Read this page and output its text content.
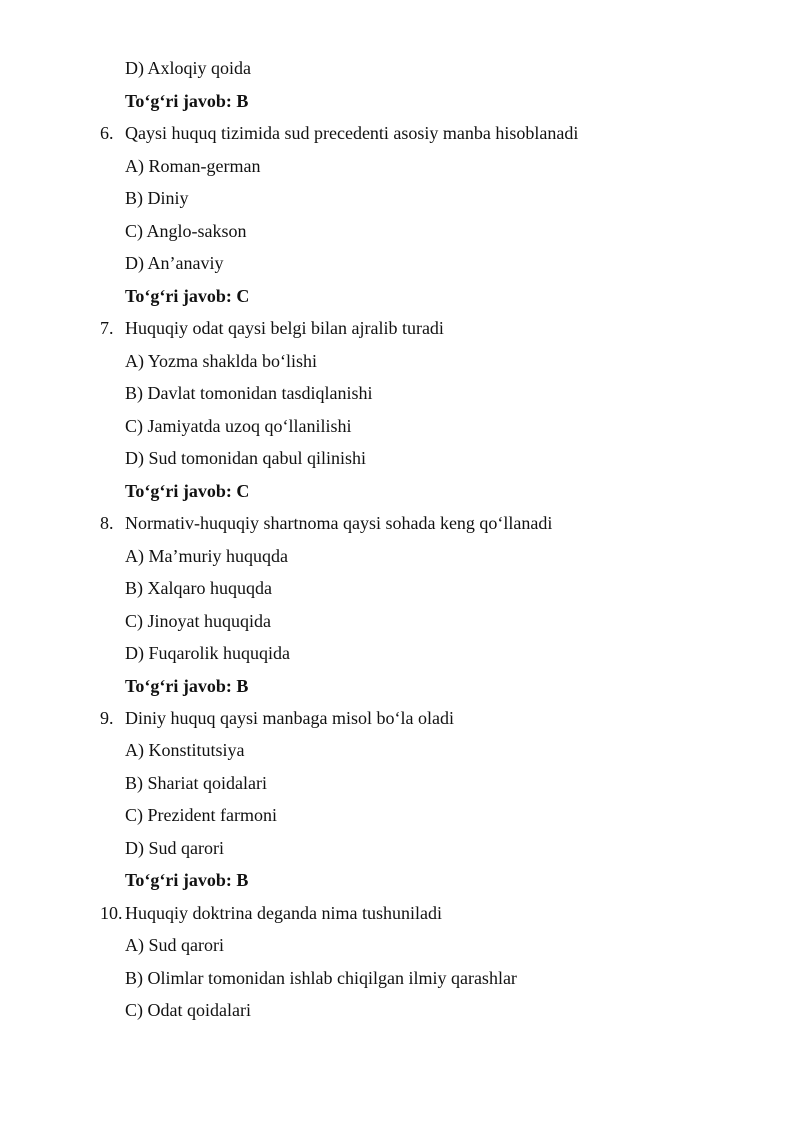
D) Axloqiy qoida
To‘g‘ri javob: B
6. Qaysi huquq tizimida sud precedenti asosiy manba hisoblanadi
A) Roman-german
B) Diniy
C) Anglo-sakson
D) An’anaviy
To‘g‘ri javob: C
7. Huquqiy odat qaysi belgi bilan ajralib turadi
A) Yozma shaklda bo‘lishi
B) Davlat tomonidan tasdiqlanishi
C) Jamiyatda uzoq qo‘llanilishi
D) Sud tomonidan qabul qilinishi
To‘g‘ri javob: C
8. Normativ-huquqiy shartnoma qaysi sohada keng qo‘llanadi
A) Ma’muriy huquqda
B) Xalqaro huquqda
C) Jinoyat huquqida
D) Fuqarolik huquqida
To‘g‘ri javob: B
9. Diniy huquq qaysi manbaga misol bo‘la oladi
A) Konstitutsiya
B) Shariat qoidalari
C) Prezident farmoni
D) Sud qarori
To‘g‘ri javob: B
10. Huquqiy doktrina deganda nima tushuniladi
A) Sud qarori
B) Olimlar tomonidan ishlab chiqilgan ilmiy qarashlar
C) Odat qoidalari
